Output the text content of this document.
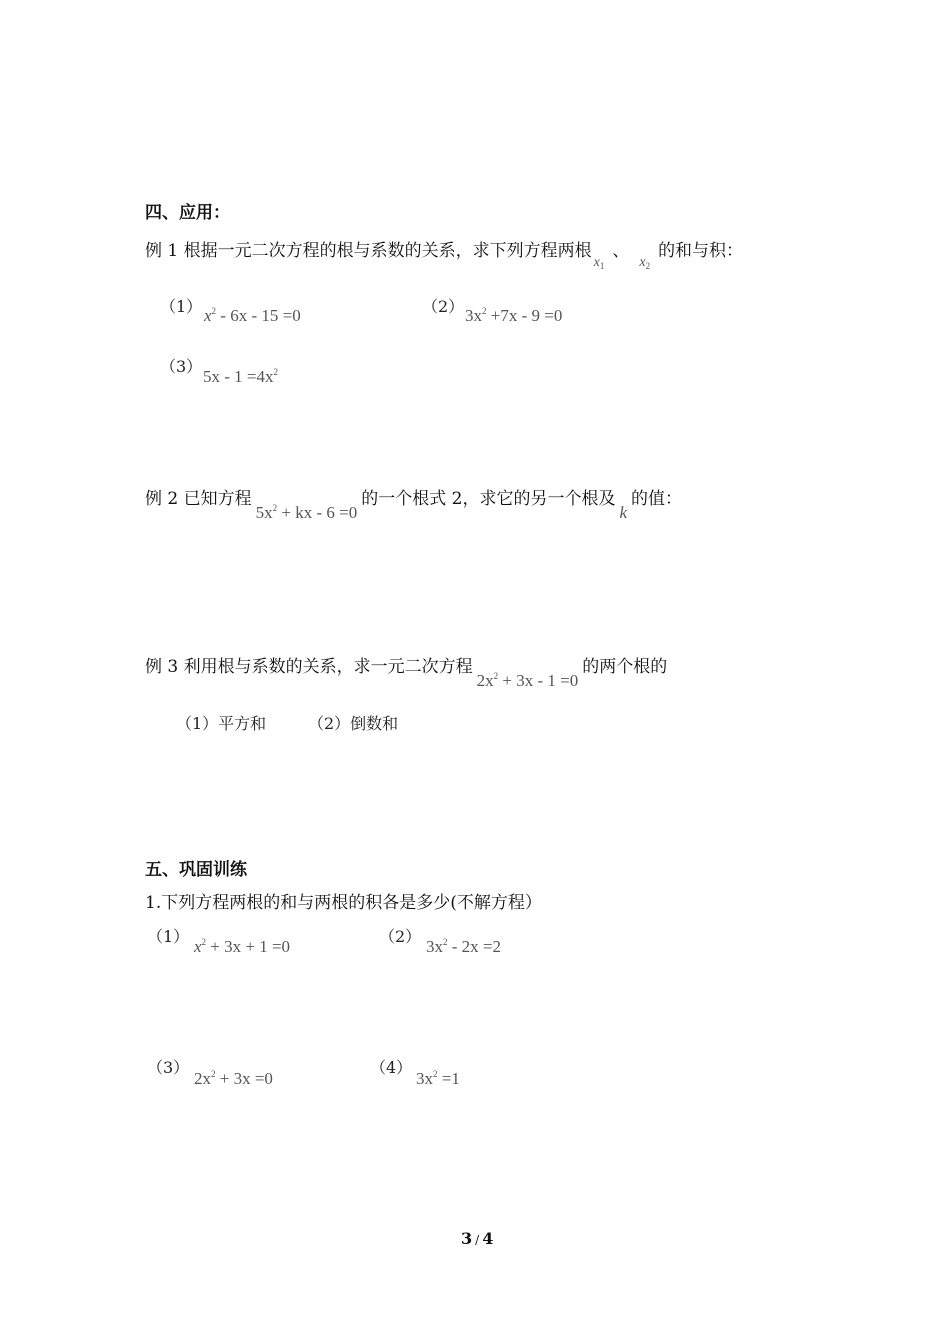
四、应用：
例 1 根据一元二次方程的根与系数的关系，求下列方程两根$_{x_1}$、$_{x_2}$的和与积：
（1） $x^2 - 6x - 15 =0$	（2） $3x^2 +7x - 9 =0$
（3）
$5x - 1 =4x^2$
例 2 已知方程$5x^2$ + kx - 6 =0的一个根式 2，求它的另一个根及k的值：
例 3 利用根与系数的关系，求一元二次方程$2x^2 + 3x - 1 =0$的两个根的
（1）平方和	（2）倒数和
五、巩固训练
1.下列方程两根的和与两根的积各是多少(不解方程）
（1）
$x^2 + 3x + 1 =0$
（2）
$3x^2 - 2x =2$
（3）
$2x^2 + 3x =0$
（4）
$3x^2 =1$
3 / 4
